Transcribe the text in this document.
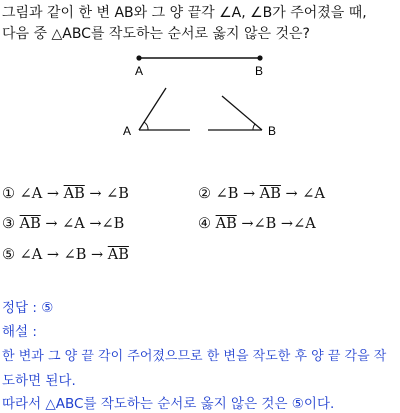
그림과 같이 한 변 AB와 그 양 끝각 ∠A, ∠B가 주어졌을 때,
다음 중 △ABC를 작도하는 순서로 옳지 않은 것은?
A	B
A	B
① ∠A → $\overline{AB}$ → ∠B	② ∠B → $\overline{AB}$ → ∠A
③ $\overline{AB}$ → ∠A →∠B	④ $\overline{AB}$ →∠B →∠A
⑤ ∠A → ∠B → $\overline{AB}$
정답 : ⑤
해설 :
한 변과 그 양 끝 각이 주어졌으므로 한 변을 작도한 후 양 끝 각을 작
도하면 된다.
따라서 △ABC를 작도하는 순서로 옳지 않은 것은 ⑤이다.
